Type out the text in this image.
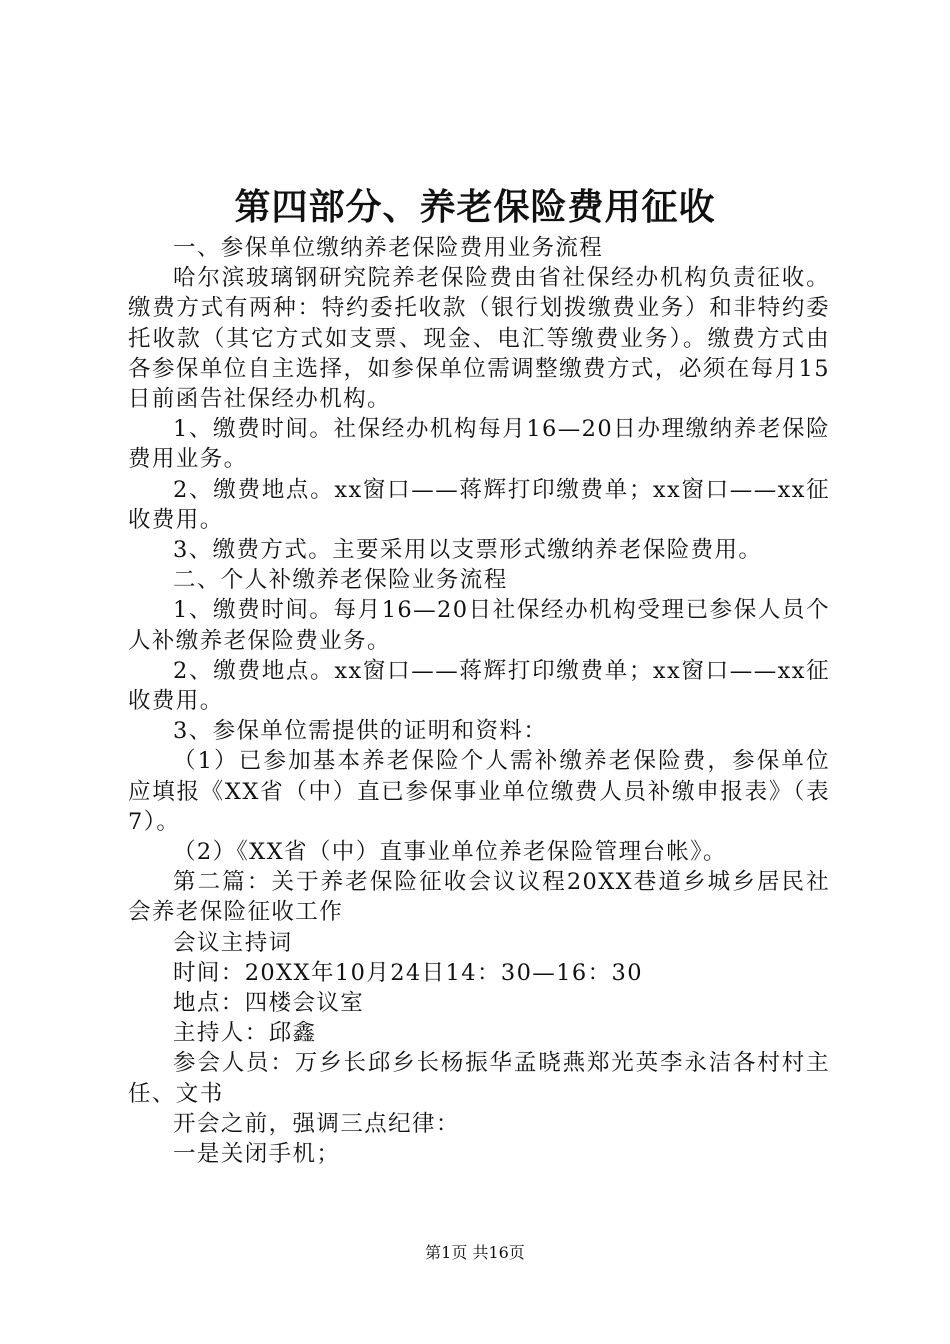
第四部分、养老保险费用征收

一、参保单位缴纳养老保险费用业务流程

哈尔滨玻璃钢研究院养老保险费由省社保经办机构负责征收。缴费方式有两种：特约委托收款（银行划拨缴费业务）和非特约委托收款（其它方式如支票、现金、电汇等缴费业务）。缴费方式由各参保单位自主选择，如参保单位需调整缴费方式，必须在每月15日前函告社保经办机构。

1、缴费时间。社保经办机构每月16—20日办理缴纳养老保险费用业务。

2、缴费地点。xx窗口——蒋辉打印缴费单；xx窗口——xx征收费用。

3、缴费方式。主要采用以支票形式缴纳养老保险费用。

二、个人补缴养老保险业务流程

1、缴费时间。每月16—20日社保经办机构受理已参保人员个人补缴养老保险费业务。

2、缴费地点。xx窗口——蒋辉打印缴费单；xx窗口——xx征收费用。

3、参保单位需提供的证明和资料：

（1）已参加基本养老保险个人需补缴养老保险费，参保单位应填报《XX省（中）直已参保事业单位缴费人员补缴申报表》（表7）。

（2）《XX省（中）直事业单位养老保险管理台帐》。

第二篇：关于养老保险征收会议议程20XX巷道乡城乡居民社会养老保险征收工作

会议主持词

时间：20XX年10月24日14：30—16：30

地点：四楼会议室

主持人：邱鑫

参会人员：万乡长邱乡长杨振华孟晓燕郑光英李永洁各村村主任、文书

开会之前，强调三点纪律：

一是关闭手机；

第1页 共16页
